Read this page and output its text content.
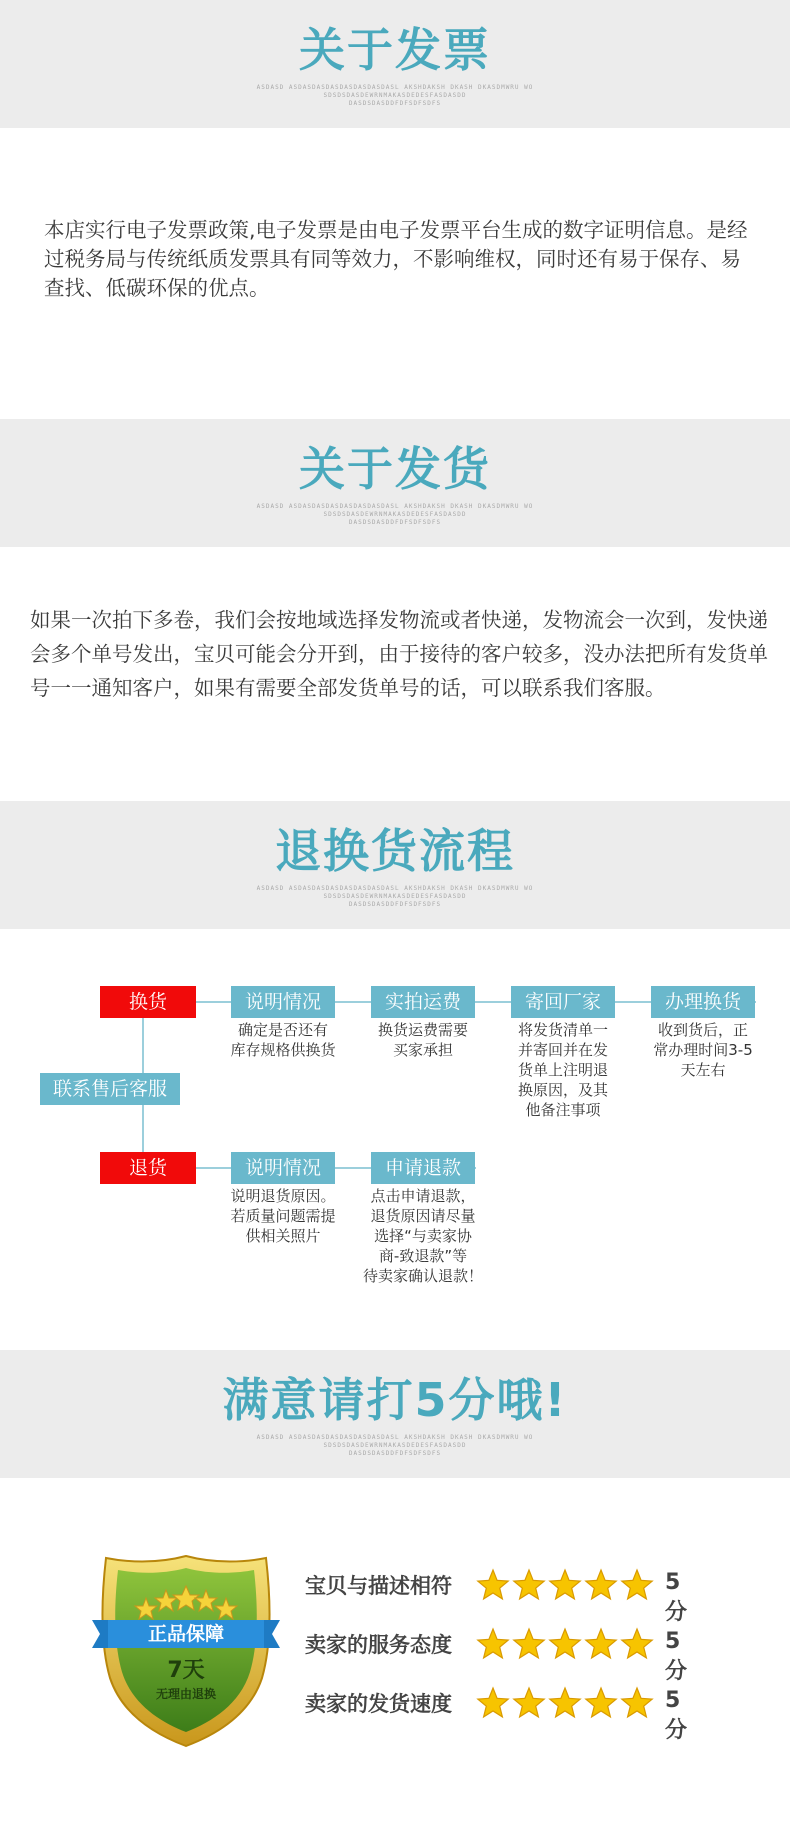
关于发票
ASDASD ASDASDASDASDASDASDASDASL AKSHDAKSH DKASH DKASDMWRU WO
SDSDSDASDEWRNMAKASDEDESFASDASDD
DASDSDASDDFDFSDFSDFS
本店实行电子发票政策,电子发票是由电子发票平台生成的数字证明信息。是经过税务局与传统纸质发票具有同等效力，不影响维权，同时还有易于保存、易查找、低碳环保的优点。
关于发货
ASDASD ASDASDASDASDASDASDASDASL AKSHDAKSH DKASH DKASDMWRU WO
SDSDSDASDEWRNMAKASDEDESFASDASDD
DASDSDASDDFDFSDFSDFS
如果一次拍下多卷，我们会按地域选择发物流或者快递，发物流会一次到，发快递会多个单号发出，宝贝可能会分开到，由于接待的客户较多，没办法把所有发货单号一一通知客户，如果有需要全部发货单号的话，可以联系我们客服。
退换货流程
ASDASD ASDASDASDASDASDASDASDASL AKSHDAKSH DKASH DKASDMWRU WO
SDSDSDASDEWRNMAKASDEDESFASDASDD
DASDSDASDDFDFSDFSDFS
联系售后客服
换货	说明情况	实拍运费	寄回厂家	办理换货
确定是否还有
库存规格供换货
换货运费需要
买家承担
将发货清单一
并寄回并在发
货单上注明退
换原因，及其
他备注事项
收到货后，正
常办理时间3-5
天左右
退货	说明情况	申请退款
说明退货原因。
若质量问题需提
供相关照片
点击申请退款，
退货原因请尽量
选择“与卖家协
商-致退款”等
待卖家确认退款！
满意请打5分哦!
ASDASD ASDASDASDASDASDASDASDASL AKSHDAKSH DKASH DKASDMWRU WO
SDSDSDASDEWRNMAKASDEDESFASDASDD
DASDSDASDDFDFSDFSDFS
正品保障
7天
无理由退换
宝贝与描述相符	5分
卖家的服务态度	5分
卖家的发货速度	5分
